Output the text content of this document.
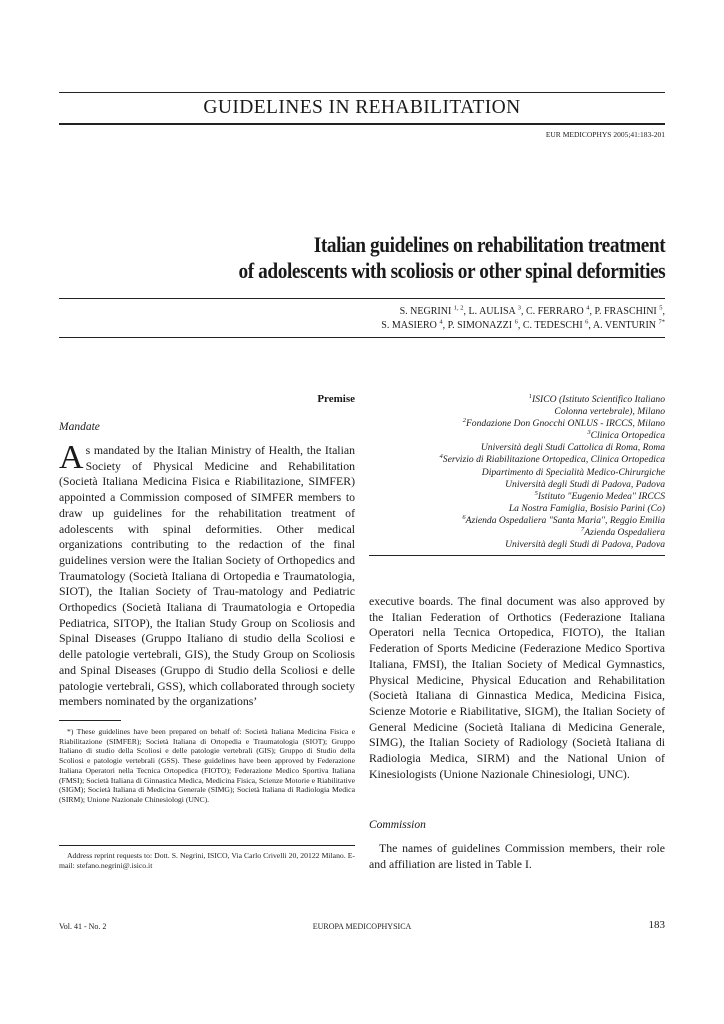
GUIDELINES IN REHABILITATION
EUR MEDICOPHYS 2005;41:183-201
Italian guidelines on rehabilitation treatment
of adolescents with scoliosis or other spinal deformities
S. NEGRINI $^{1, 2}$, L. AULISA $^3$, C. FERRARO $^4$, P. FRASCHINI $^5$,
S. MASIERO $^4$, P. SIMONAZZI $^6$, C. TEDESCHI $^6$, A. VENTURIN $^{7*}$
Premise
Mandate

As mandated by the Italian Ministry of Health, the Italian Society of Physical Medicine and Rehabilitation (Società Italiana Medicina Fisica e Riabilitazione, SIMFER) appointed a Commission composed of SIMFER members to draw up guidelines for the rehabilitation treatment of adolescents with spinal deformities. Other medical organizations contributing to the redaction of the final guidelines version were the Italian Society of Orthopedics and Traumatology (Società Italiana di Ortopedia e Traumatologia, SIOT), the Italian Society of Trau-matology and Pediatric Orthopedics (Società Italiana di Traumatologia e Ortopedia Pediatrica, SITOP), the Italian Study Group on Scoliosis and Spinal Diseases (Gruppo Italiano di studio della Scoliosi e delle patologie vertebrali, GIS), the Study Group on Scoliosis and Spinal Diseases (Gruppo di Studio della Scoliosi e delle patologie vertebrali, GSS), which collaborated through society members nominated by the organizations’

*) These guidelines have been prepared on behalf of: Società Italiana Medicina Fisica e Riabilitazione (SIMFER); Società Italiana di Ortopedia e Traumatologia (SIOT); Gruppo Italiano di studio della Scoliosi e delle patologie vertebrali (GIS); Gruppo di Studio della Scoliosi e patologie vertebrali (GSS). These guidelines have been approved by Federazione Italiana Operatori nella Tecnica Ortopedica (FIOTO); Federazione Medico Sportiva Italiana (FMSI); Società Italiana di Ginnastica Medica, Medicina Fisica, Scienze Motorie e Riabilitative (SIGM); Società Italiana di Medicina Generale (SIMG); Società Italiana di Radiologia Medica (SIRM); Unione Nazionale Chinesiologi (UNC).
Address reprint requests to: Dott. S. Negrini, ISICO, Via Carlo Crivelli 20, 20122 Milano. E-mail: stefano.negrini@.isico.it
$^1$ISICO (Istituto Scientifico Italiano
Colonna vertebrale), Milano
$^2$Fondazione Don Gnocchi ONLUS - IRCCS, Milano
$^3$Clinica Ortopedica
Università degli Studi Cattolica di Roma, Roma
$^4$Servizio di Riabilitazione Ortopedica, Clinica Ortopedica
Dipartimento di Specialità Medico-Chirurgiche
Università degli Studi di Padova, Padova
$^5$Istituto "Eugenio Medea" IRCCS
La Nostra Famiglia, Bosisio Parini (Co)
$^6$Azienda Ospedaliera "Santa Maria", Reggio Emilia
$^7$Azienda Ospedaliera
Università degli Studi di Padova, Padova

executive boards. The final document was also approved by the Italian Federation of Orthotics (Federazione Italiana Operatori nella Tecnica Ortopedica, FIOTO), the Italian Federation of Sports Medicine (Federazione Medico Sportiva Italiana, FMSI), the Italian Society of Medical Gymnastics, Physical Medicine, Physical Education and Rehabilitation (Società Italiana di Ginnastica Medica, Medicina Fisica, Scienze Motorie e Riabilitative, SIGM), the Italian Society of General Medicine (Società Italiana di Medicina Generale, SIMG), the Italian Society of Radiology (Società Italiana di Radiologia Medica, SIRM) and the National Union of Kinesiologists (Unione Nazionale Chinesiologi, UNC).

Commission

The names of guidelines Commission members, their role and affiliation are listed in Table I.

Vol. 41 - No. 2	EUROPA MEDICOPHYSICA	183
